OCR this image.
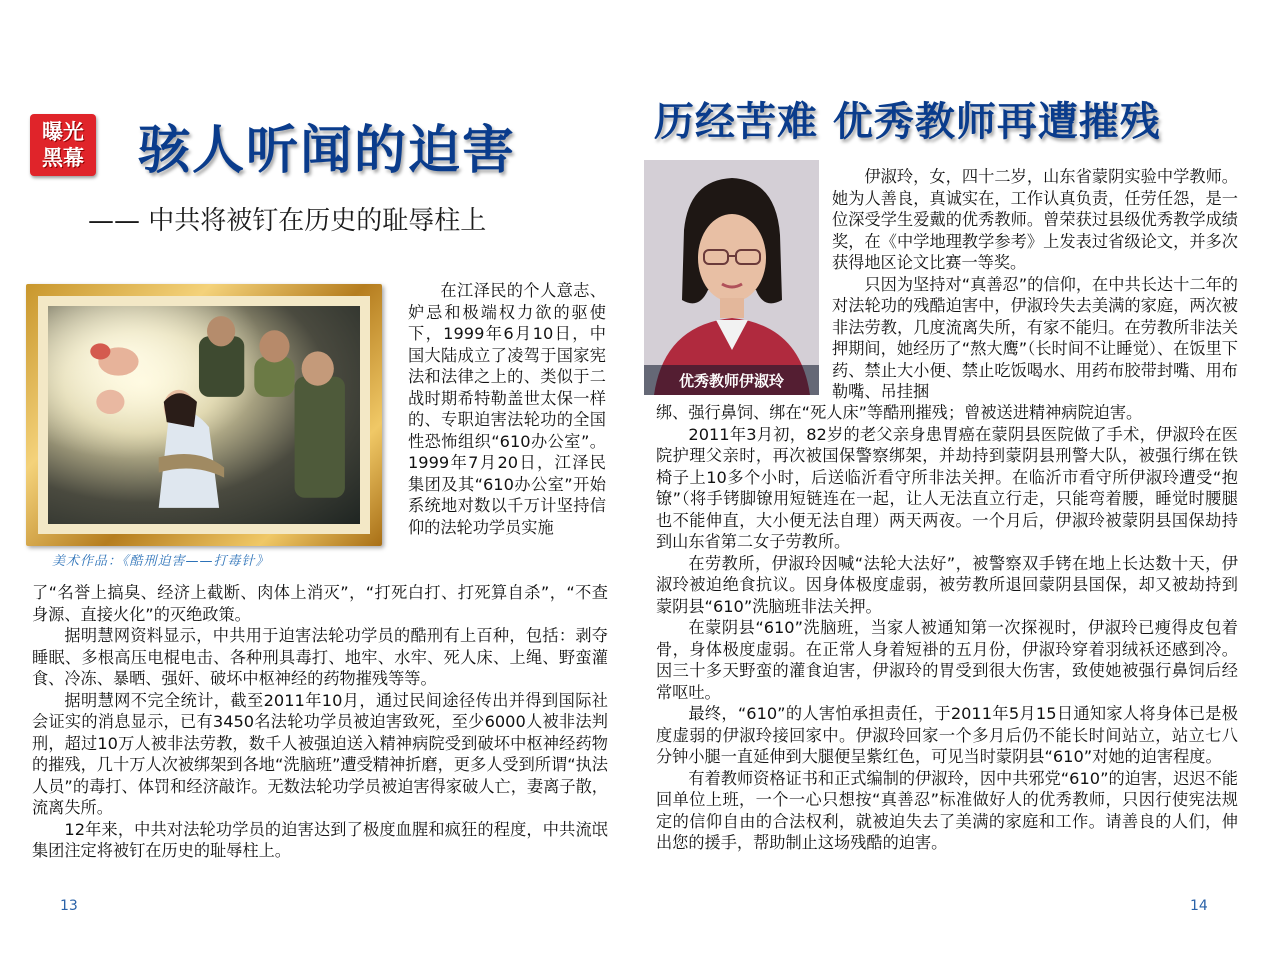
曝光
黑幕 骇人听闻的迫害
—— 中共将被钉在历史的耻辱柱上
美术作品：《酷刑迫害——打毒针》

在江泽民的个人意志、妒忌和极端权力欲的驱使下，1999年6月10日，中国大陆成立了凌驾于国家宪法和法律之上的、类似于二战时期希特勒盖世太保一样的、专职迫害法轮功的全国性恐怖组织“610办公室”。1999年7月20日，江泽民集团及其“610办公室”开始系统地对数以千万计坚持信仰的法轮功学员实施

了“名誉上搞臭、经济上截断、肉体上消灭”，“打死白打、打死算自杀”，“不查身源、直接火化”的灭绝政策。

据明慧网资料显示，中共用于迫害法轮功学员的酷刑有上百种，包括：剥夺睡眠、多根高压电棍电击、各种刑具毒打、地牢、水牢、死人床、上绳、野蛮灌食、冷冻、暴晒、强奸、破坏中枢神经的药物摧残等等。

据明慧网不完全统计，截至2011年10月，通过民间途径传出并得到国际社会证实的消息显示，已有3450名法轮功学员被迫害致死，至少6000人被非法判刑，超过10万人被非法劳教，数千人被强迫送入精神病院受到破坏中枢神经药物的摧残，几十万人次被绑架到各地“洗脑班”遭受精神折磨，更多人受到所谓“执法人员”的毒打、体罚和经济敲诈。无数法轮功学员被迫害得家破人亡，妻离子散，流离失所。

12年来，中共对法轮功学员的迫害达到了极度血腥和疯狂的程度，中共流氓集团注定将被钉在历史的耻辱柱上。

13
历经苦难 优秀教师再遭摧残
优秀教师伊淑玲

伊淑玲，女，四十二岁，山东省蒙阴实验中学教师。她为人善良，真诚实在，工作认真负责，任劳任怨，是一位深受学生爱戴的优秀教师。曾荣获过县级优秀教学成绩奖，在《中学地理教学参考》上发表过省级论文，并多次获得地区论文比赛一等奖。

只因为坚持对“真善忍”的信仰，在中共长达十二年的对法轮功的残酷迫害中，伊淑玲失去美满的家庭，两次被非法劳教，几度流离失所，有家不能归。在劳教所非法关押期间，她经历了“熬大鹰”（长时间不让睡觉）、在饭里下药、禁止大小便、禁止吃饭喝水、用药布胶带封嘴、用布勒嘴、吊挂捆

绑、强行鼻饲、绑在“死人床”等酷刑摧残；曾被送进精神病院迫害。

2011年3月初，82岁的老父亲身患胃癌在蒙阴县医院做了手术，伊淑玲在医院护理父亲时，再次被国保警察绑架，并劫持到蒙阴县刑警大队，被强行绑在铁椅子上10多个小时，后送临沂看守所非法关押。在临沂市看守所伊淑玲遭受“抱镣”（将手铐脚镣用短链连在一起，让人无法直立行走，只能弯着腰，睡觉时腰腿也不能伸直，大小便无法自理）两天两夜。一个月后，伊淑玲被蒙阴县国保劫持到山东省第二女子劳教所。

在劳教所，伊淑玲因喊“法轮大法好”，被警察双手铐在地上长达数十天，伊淑玲被迫绝食抗议。因身体极度虚弱，被劳教所退回蒙阴县国保，却又被劫持到蒙阴县“610”洗脑班非法关押。

在蒙阴县“610”洗脑班，当家人被通知第一次探视时，伊淑玲已瘦得皮包着骨，身体极度虚弱。在正常人身着短褂的五月份，伊淑玲穿着羽绒袄还感到冷。因三十多天野蛮的灌食迫害，伊淑玲的胃受到很大伤害，致使她被强行鼻饲后经常呕吐。

最终，“610”的人害怕承担责任，于2011年5月15日通知家人将身体已是极度虚弱的伊淑玲接回家中。伊淑玲回家一个多月后仍不能长时间站立，站立七八分钟小腿一直延伸到大腿便呈紫红色，可见当时蒙阴县“610”对她的迫害程度。

有着教师资格证书和正式编制的伊淑玲，因中共邪党“610”的迫害，迟迟不能回单位上班，一个一心只想按“真善忍”标准做好人的优秀教师，只因行使宪法规定的信仰自由的合法权利，就被迫失去了美满的家庭和工作。请善良的人们，伸出您的援手，帮助制止这场残酷的迫害。

14
